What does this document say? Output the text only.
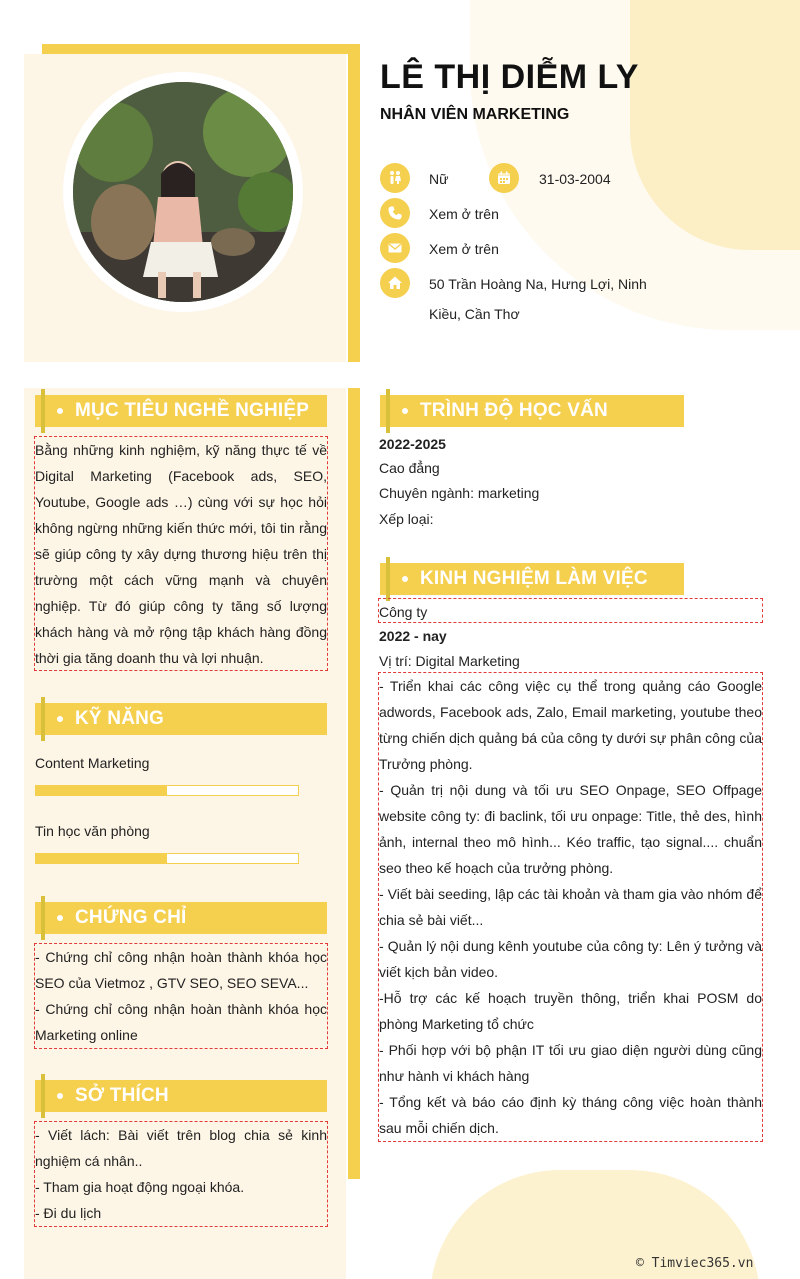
LÊ THỊ DIỄM LY
NHÂN VIÊN MARKETING
Nữ	31-03-2004
Xem ở trên
Xem ở trên
50 Trần Hoàng Na, Hưng Lợi, Ninh
Kiều, Cần Thơ
MỤC TIÊU NGHỀ NGHIỆP
Bằng những kinh nghiệm, kỹ năng thực tế về Digital Marketing (Facebook ads, SEO, Youtube, Google ads …) cùng với sự học hỏi không ngừng những kiến thức mới, tôi tin rằng sẽ giúp công ty xây dựng thương hiệu trên thị trường một cách vững mạnh và chuyên nghiệp. Từ đó giúp công ty tăng số lượng khách hàng và mở rộng tập khách hàng đồng thời gia tăng doanh thu và lợi nhuận.
KỸ NĂNG
Content Marketing
Tin học văn phòng
CHỨNG CHỈ
- Chứng chỉ công nhận hoàn thành khóa học SEO của Vietmoz , GTV SEO, SEO SEVA...
- Chứng chỉ công nhận hoàn thành khóa học Marketing online
SỞ THÍCH
- Viết lách: Bài viết trên blog chia sẻ kinh nghiệm cá nhân..
- Tham gia hoạt động ngoại khóa.
- Đi du lịch
TRÌNH ĐỘ HỌC VẤN
2022-2025
Cao đẳng
Chuyên ngành: marketing
Xếp loại:
KINH NGHIỆM LÀM VIỆC
Công ty
2022 - nay
Vị trí: Digital Marketing
- Triển khai các công việc cụ thể trong quảng cáo Google adwords, Facebook ads, Zalo, Email marketing, youtube theo từng chiến dịch quảng bá của công ty dưới sự phân công của Trưởng phòng.
- Quản trị nội dung và tối ưu SEO Onpage, SEO Offpage website công ty: đi baclink, tối ưu onpage: Title, thẻ des, hình ảnh, internal theo mô hình... Kéo traffic, tạo signal.... chuẩn seo theo kế hoạch của trưởng phòng.
- Viết bài seeding, lập các tài khoản và tham gia vào nhóm để chia sẻ bài viết...
- Quản lý nội dung kênh youtube của công ty: Lên ý tưởng và viết kịch bản video.
-Hỗ trợ các kế hoạch truyền thông, triển khai POSM do phòng Marketing tổ chức
- Phối hợp với bộ phận IT tối ưu giao diện người dùng cũng như hành vi khách hàng
- Tổng kết và báo cáo định kỳ tháng công việc hoàn thành sau mỗi chiến dịch.
© Timviec365.vn
